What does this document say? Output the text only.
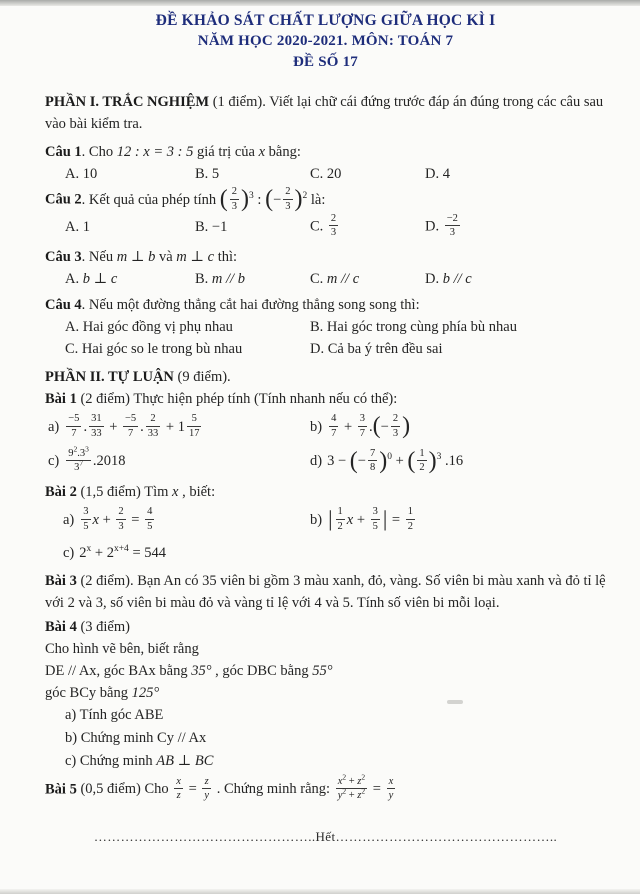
ĐỀ KHẢO SÁT CHẤT LƯỢNG GIỮA HỌC KÌ I
NĂM HỌC 2020-2021. MÔN: TOÁN 7
ĐỀ SỐ 17

PHẦN I. TRẮC NGHIỆM (1 điểm). Viết lại chữ cái đứng trước đáp án đúng trong các câu sau vào bài kiểm tra.

Câu 1. Cho 12 : x = 3 : 5 giá trị của x bằng:
A. 10	B. 5	C. 20	D. 4
Câu 2. Kết quả của phép tính ( $\frac{2}{3} )^3$ : (− $\frac{2}{3} )^2$ là:
A. 1	B. −1	C. $\frac{2}{3}$	D. $\frac{-2}{3}$
Câu 3. Nếu m ⊥ b và m ⊥ c thì:
A. b ⊥ c	B. m // b	C. m // c	D. b // c
Câu 4. Nếu một đường thẳng cắt hai đường thẳng song song thì:
A. Hai góc đồng vị phụ nhau	B. Hai góc trong cùng phía bù nhau
C. Hai góc so le trong bù nhau	D. Cả ba ý trên đều sai
PHẦN II. TỰ LUẬN (9 điểm).
Bài 1 (2 điểm) Thực hiện phép tính (Tính nhanh nếu có thể):
$a) \frac{-5}{7}$ . $\frac{31}{33} + \frac{-5}{7}$ . $\frac{2}{33} + 1 \frac{5}{17}$	$b) \frac{4}{7} + \frac{3}{7}$ .(− $\frac{2}{3}$ )
$c) \frac{9^2.3^3}{3^7} .2018$	d) 3 − (− $\frac{7}{8} )^0$ + ( $\frac{1}{2} )^3$ .16
Bài 2 (1,5 điểm) Tìm x , biết:
$a) \frac{3}{5}$ $x + \frac{2}{3} = \frac{4}{5}$	b) | $\frac{1}{2}$ $x + \frac{3}{5}$ | = $\frac{1}{2}$
c) $2^x + 2^{x+4} = 544$

Bài 3 (2 điểm). Bạn An có 35 viên bi gồm 3 màu xanh, đỏ, vàng. Số viên bi màu xanh và đỏ tỉ lệ với 2 và 3, số viên bi màu đỏ và vàng tỉ lệ với 4 và 5. Tính số viên bi mỗi loại.

Bài 4 (3 điểm)
Cho hình vẽ bên, biết rằng
DE // Ax, góc BAx bằng 35° , góc DBC bằng 55°
góc BCy bằng 125°
a) Tính góc ABE
b) Chứng minh Cy // Ax
c) Chứng minh AB ⊥ BC
Bài 5 (0,5 điểm) Cho $\frac{x}{z} = \frac{z}{y}$ . Chứng minh rằng: $\frac{x^2 + z^2}{y^2 + z^2} = \frac{x}{y}$
…………………………………………..Hết…………………………………………..
